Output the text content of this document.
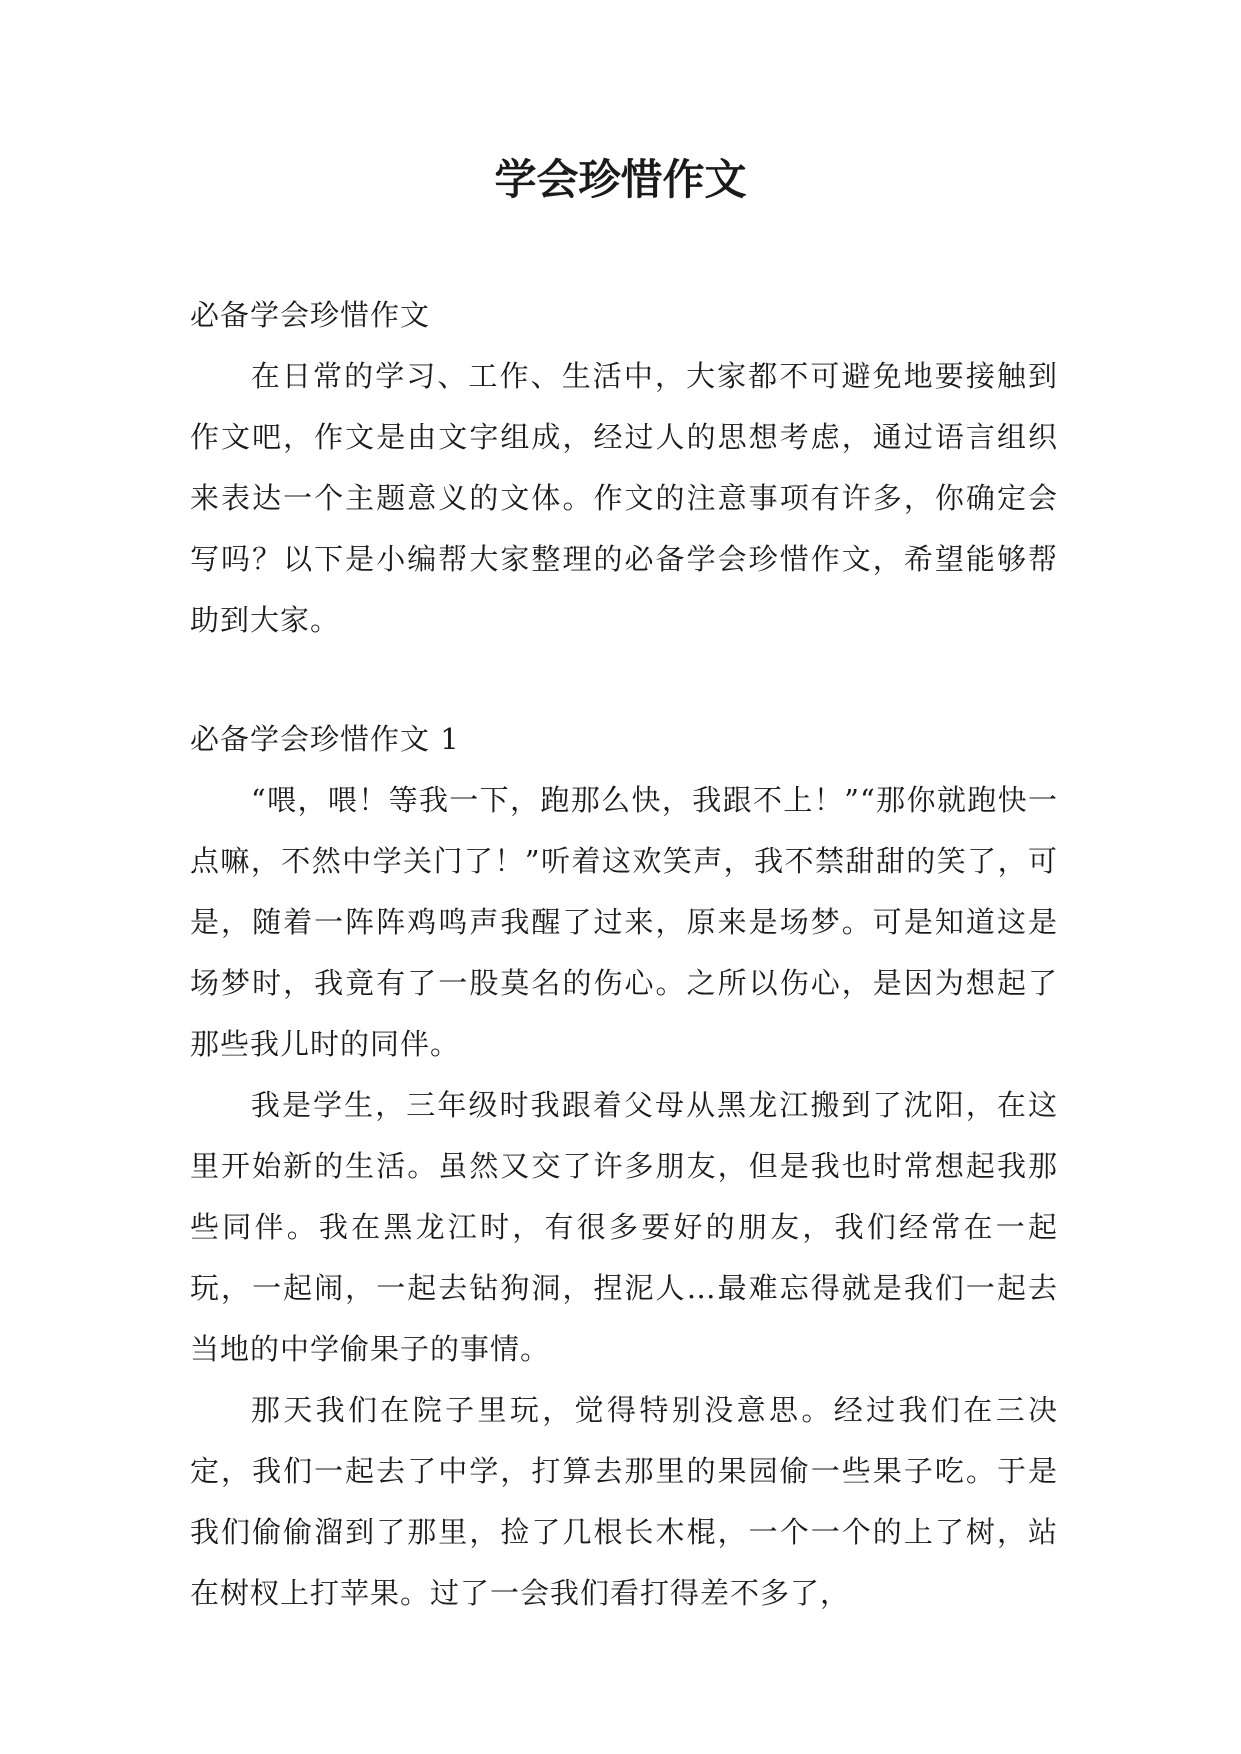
学会珍惜作文

必备学会珍惜作文

在日常的学习、工作、生活中，大家都不可避免地要接触到作文吧，作文是由文字组成，经过人的思想考虑，通过语言组织来表达一个主题意义的文体。作文的注意事项有许多，你确定会写吗？以下是小编帮大家整理的必备学会珍惜作文，希望能够帮助到大家。

必备学会珍惜作文 1

“喂，喂！等我一下，跑那么快，我跟不上！”“那你就跑快一点嘛，不然中学关门了！”听着这欢笑声，我不禁甜甜的笑了，可是，随着一阵阵鸡鸣声我醒了过来，原来是场梦。可是知道这是场梦时，我竟有了一股莫名的伤心。之所以伤心，是因为想起了那些我儿时的同伴。

我是学生，三年级时我跟着父母从黑龙江搬到了沈阳，在这里开始新的生活。虽然又交了许多朋友，但是我也时常想起我那些同伴。我在黑龙江时，有很多要好的朋友，我们经常在一起玩，一起闹，一起去钻狗洞，捏泥人…最难忘得就是我们一起去当地的中学偷果子的事情。

那天我们在院子里玩，觉得特别没意思。经过我们在三决定，我们一起去了中学，打算去那里的果园偷一些果子吃。于是我们偷偷溜到了那里，捡了几根长木棍，一个一个的上了树，站在树杈上打苹果。过了一会我们看打得差不多了，
